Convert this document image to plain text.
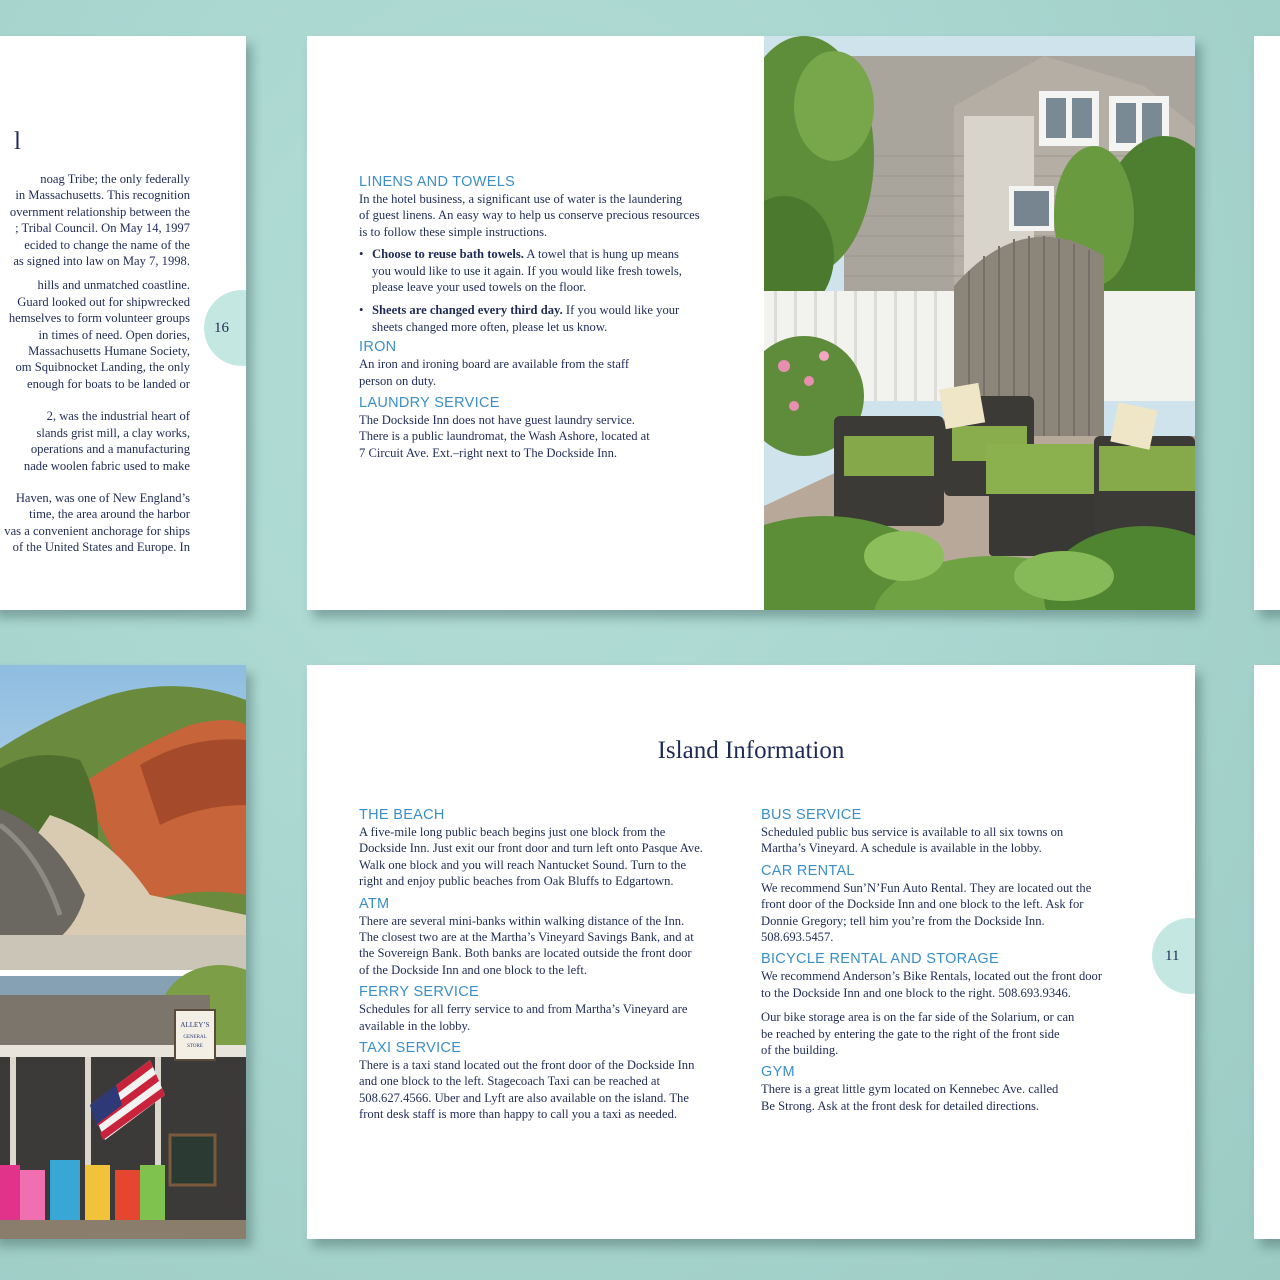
l
noag Tribe; the only federally
in Massachusetts. This recognition
overnment relationship between the
; Tribal Council. On May 14, 1997
ecided to change the name of the
as signed into law on May 7, 1998.
hills and unmatched coastline.
Guard looked out for shipwrecked
hemselves to form volunteer groups
in times of need. Open dories,
Massachusetts Humane Society,
om Squibnocket Landing, the only
enough for boats to be landed or
2, was the industrial heart of
slands grist mill, a clay works,
operations and a manufacturing
nade woolen fabric used to make
Haven, was one of New England’s
time, the area around the harbor
vas a convenient anchorage for ships
of the United States and Europe. In
16
LINENS AND TOWELS
In the hotel business, a significant use of water is the laundering
of guest linens. An easy way to help us conserve precious resources
is to follow these simple instructions.
• Choose to reuse bath towels. A towel that is hung up means
you would like to use it again. If you would like fresh towels,
please leave your used towels on the floor.
• Sheets are changed every third day. If you would like your
sheets changed more often, please let us know.
IRON
An iron and ironing board are available from the staff
person on duty.
LAUNDRY SERVICE
The Dockside Inn does not have guest laundry service.
There is a public laundromat, the Wash Ashore, located at
7 Circuit Ave. Ext.–right next to The Dockside Inn.
ALLEY’S
GENERAL
STORE
Island Information
THE BEACH
A five-mile long public beach begins just one block from the
Dockside Inn. Just exit our front door and turn left onto Pasque Ave.
Walk one block and you will reach Nantucket Sound. Turn to the
right and enjoy public beaches from Oak Bluffs to Edgartown.
ATM
There are several mini-banks within walking distance of the Inn.
The closest two are at the Martha’s Vineyard Savings Bank, and at
the Sovereign Bank. Both banks are located outside the front door
of the Dockside Inn and one block to the left.
FERRY SERVICE
Schedules for all ferry service to and from Martha’s Vineyard are
available in the lobby.
TAXI SERVICE
There is a taxi stand located out the front door of the Dockside Inn
and one block to the left. Stagecoach Taxi can be reached at
508.627.4566. Uber and Lyft are also available on the island. The
front desk staff is more than happy to call you a taxi as needed.
BUS SERVICE
Scheduled public bus service is available to all six towns on
Martha’s Vineyard. A schedule is available in the lobby.
CAR RENTAL
We recommend Sun’N’Fun Auto Rental. They are located out the
front door of the Dockside Inn and one block to the left. Ask for
Donnie Gregory; tell him you’re from the Dockside Inn.
508.693.5457.
BICYCLE RENTAL AND STORAGE
We recommend Anderson’s Bike Rentals, located out the front door
to the Dockside Inn and one block to the right. 508.693.9346.
Our bike storage area is on the far side of the Solarium, or can
be reached by entering the gate to the right of the front side
of the building.
GYM
There is a great little gym located on Kennebec Ave. called
Be Strong. Ask at the front desk for detailed directions.
11
